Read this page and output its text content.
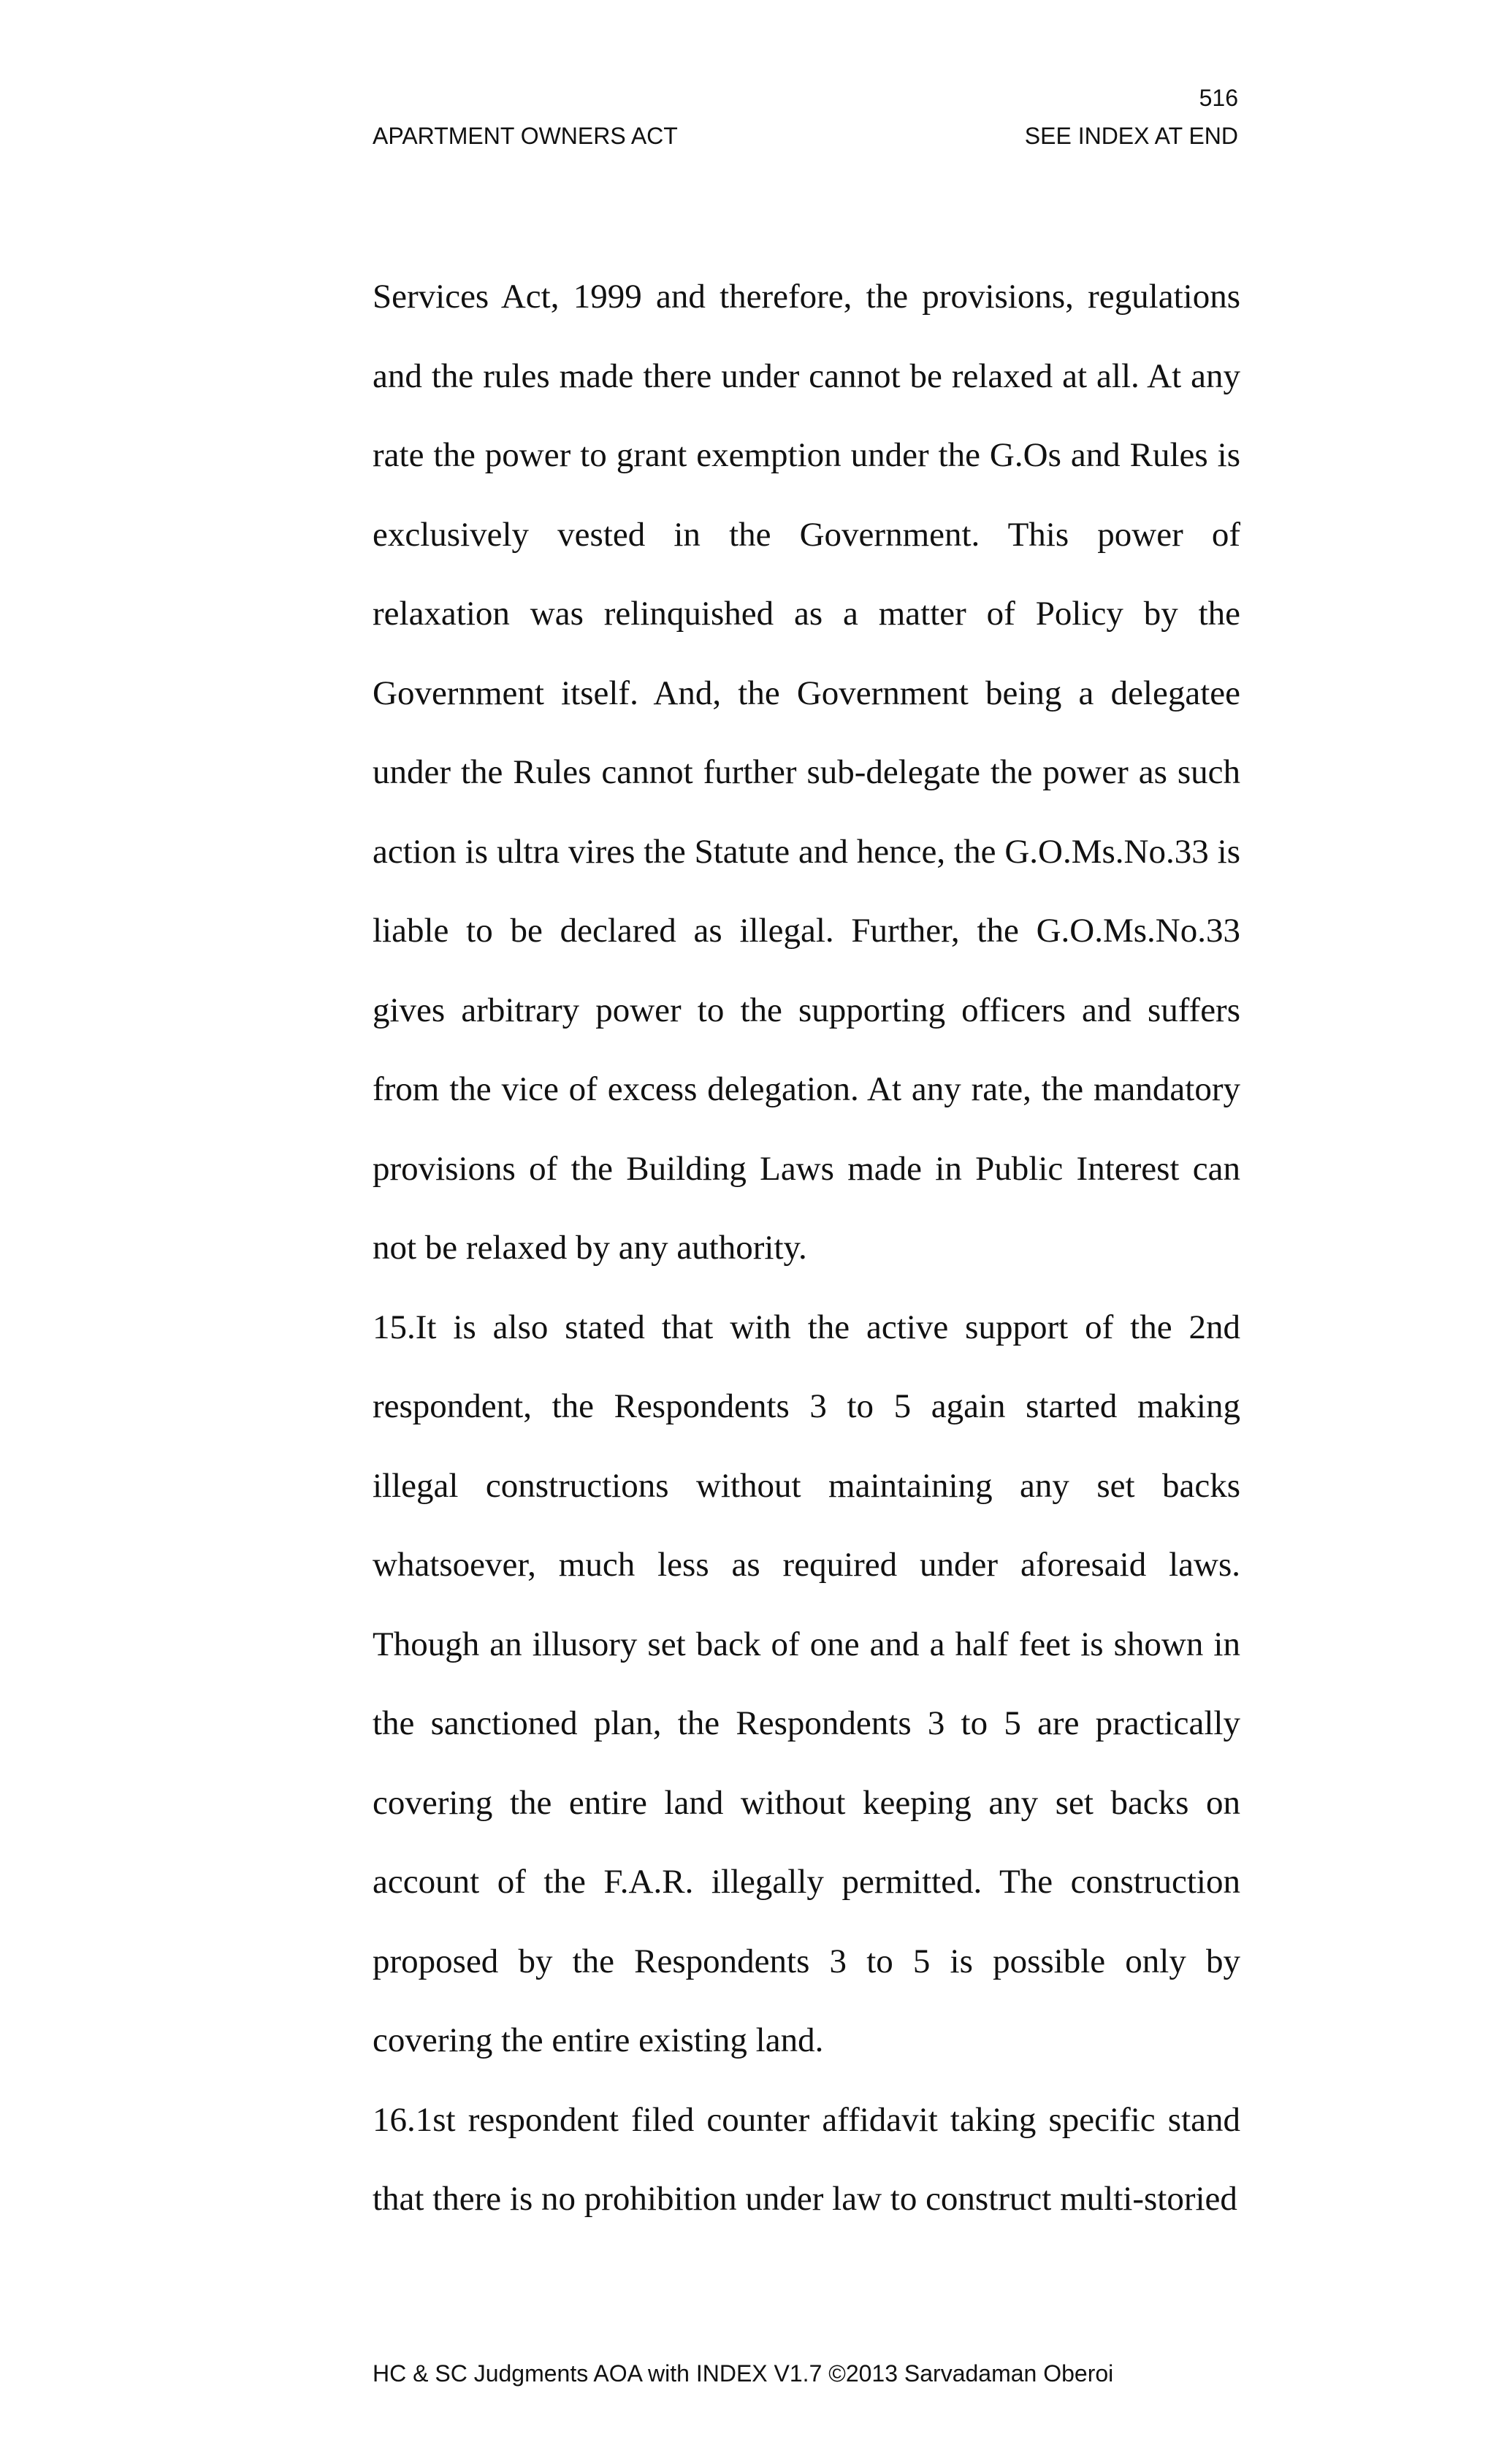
516
APARTMENT OWNERS ACT	SEE INDEX AT END

Services Act, 1999 and therefore, the provisions, regulations and the rules made there under cannot be relaxed at all. At any rate the power to grant exemption under the G.Os and Rules is exclusively vested in the Government. This power of relaxation was relinquished as a matter of Policy by the Government itself. And, the Government being a delegatee under the Rules cannot further sub-delegate the power as such action is ultra vires the Statute and hence, the G.O.Ms.No.33 is liable to be declared as illegal. Further, the G.O.Ms.No.33 gives arbitrary power to the supporting officers and suffers from the vice of excess delegation. At any rate, the mandatory provisions of the Building Laws made in Public Interest can not be relaxed by any authority.

15.It is also stated that with the active support of the 2nd respondent, the Respondents 3 to 5 again started making illegal constructions without maintaining any set backs whatsoever, much less as required under aforesaid laws. Though an illusory set back of one and a half feet is shown in the sanctioned plan, the Respondents 3 to 5 are practically covering the entire land without keeping any set backs on account of the F.A.R. illegally permitted. The construction proposed by the Respondents 3 to 5 is possible only by covering the entire existing land.

16.1st respondent filed counter affidavit taking specific stand that there is no prohibition under law to construct multi-storied

HC & SC Judgments AOA with INDEX V1.7 ©2013 Sarvadaman Oberoi
